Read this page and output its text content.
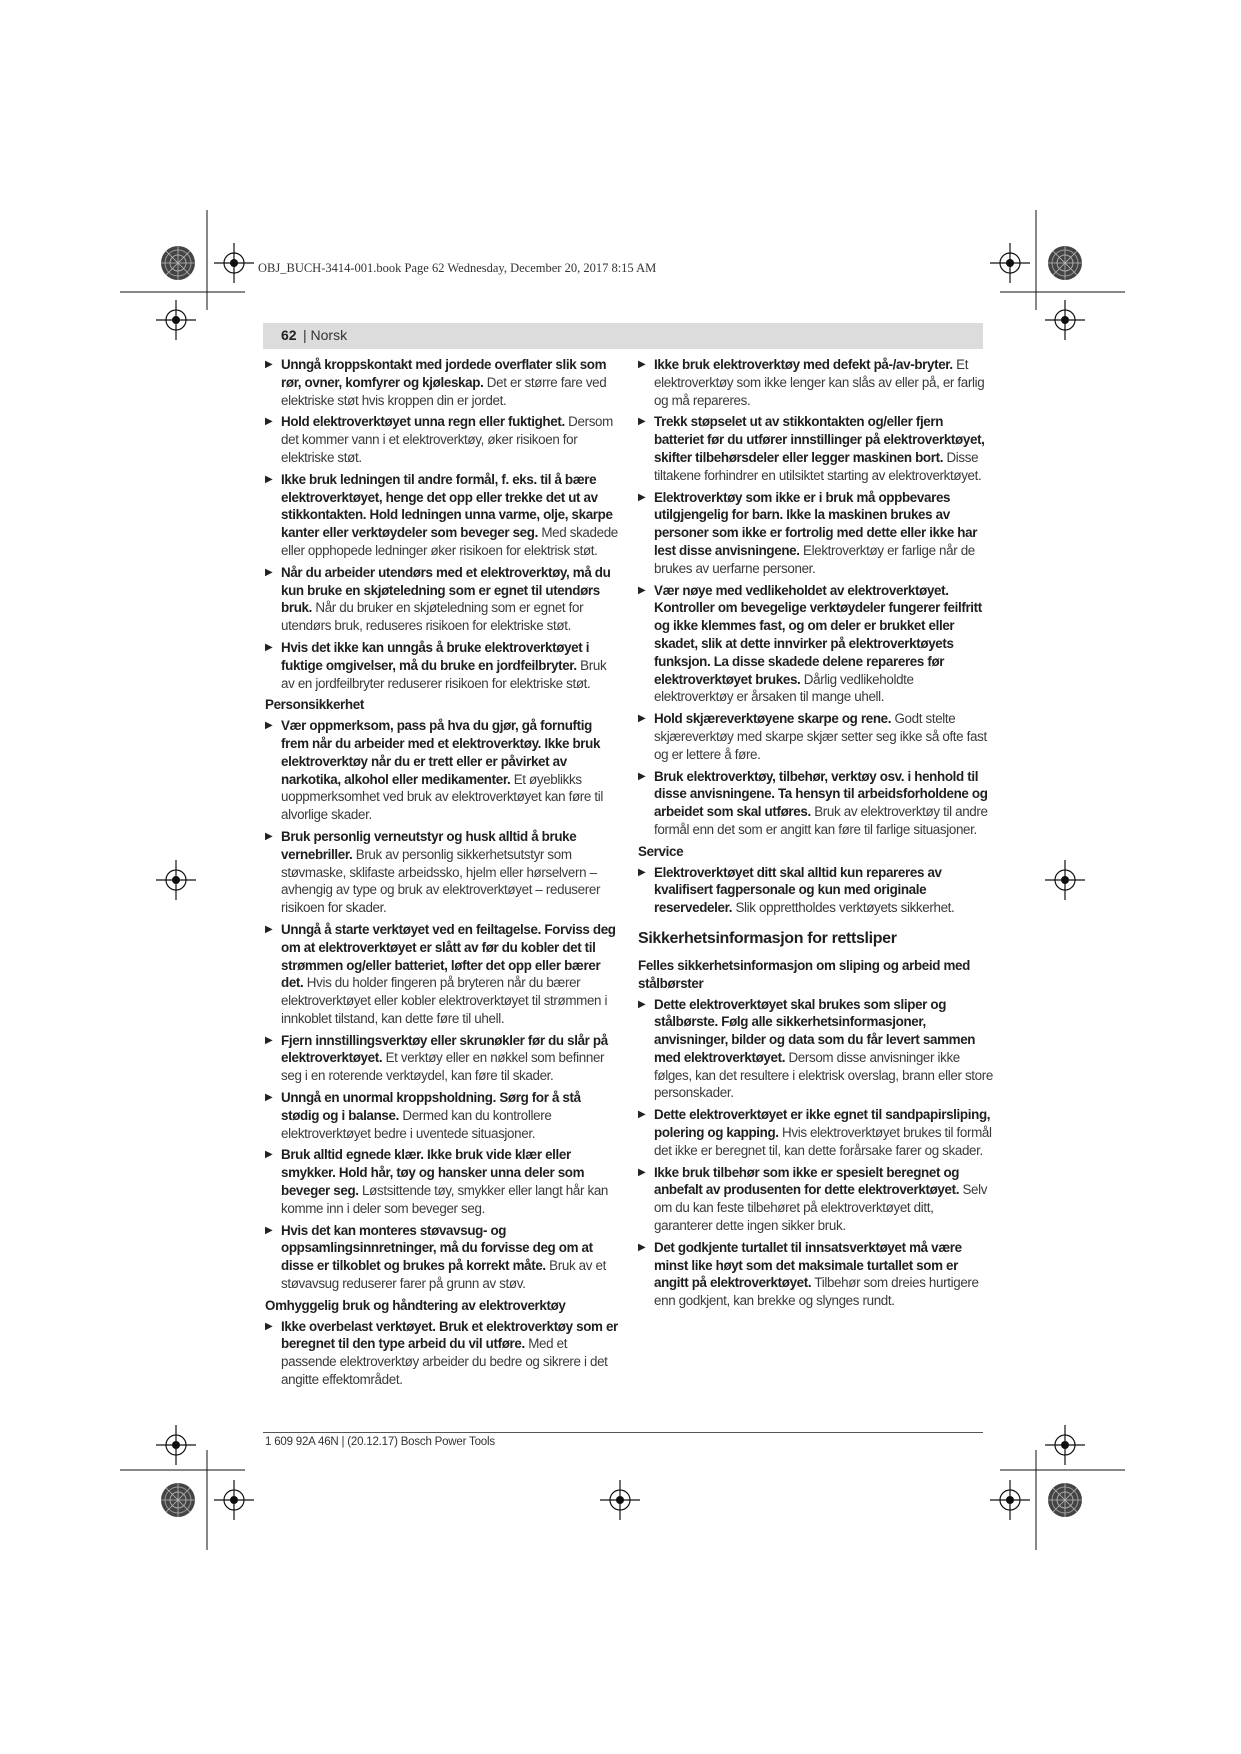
OBJ_BUCH-3414-001.book Page 62 Wednesday, December 20, 2017 8:15 AM
62 | Norsk
▶ Unngå kroppskontakt med jordede overflater slik som rør, ovner, komfyrer og kjøleskap. Det er større fare ved elektriske støt hvis kroppen din er jordet.
▶ Hold elektroverktøyet unna regn eller fuktighet. Dersom det kommer vann i et elektroverktøy, øker risikoen for elektriske støt.
▶ Ikke bruk ledningen til andre formål, f. eks. til å bære elektroverktøyet, henge det opp eller trekke det ut av stikkontakten. Hold ledningen unna varme, olje, skarpe kanter eller verktøydeler som beveger seg. Med skadede eller opphopede ledninger øker risikoen for elektrisk støt.
▶ Når du arbeider utendørs med et elektroverktøy, må du kun bruke en skjøteledning som er egnet til utendørs bruk. Når du bruker en skjøteledning som er egnet for utendørs bruk, reduseres risikoen for elektriske støt.
▶ Hvis det ikke kan unngås å bruke elektroverktøyet i fuktige omgivelser, må du bruke en jordfeilbryter. Bruk av en jordfeilbryter reduserer risikoen for elektriske støt.
Personsikkerhet
▶ Vær oppmerksom, pass på hva du gjør, gå fornuftig frem når du arbeider med et elektroverktøy. Ikke bruk elektroverktøy når du er trett eller er påvirket av narkotika, alkohol eller medikamenter. Et øyeblikks uoppmerksomhet ved bruk av elektroverktøyet kan føre til alvorlige skader.
▶ Bruk personlig verneutstyr og husk alltid å bruke vernebriller. Bruk av personlig sikkerhetsutstyr som støvmaske, sklifaste arbeidssko, hjelm eller hørselvern – avhengig av type og bruk av elektroverktøyet – reduserer risikoen for skader.
▶ Unngå å starte verktøyet ved en feiltagelse. Forviss deg om at elektroverktøyet er slått av før du kobler det til strømmen og/eller batteriet, løfter det opp eller bærer det. Hvis du holder fingeren på bryteren når du bærer elektroverktøyet eller kobler elektroverktøyet til strømmen i innkoblet tilstand, kan dette føre til uhell.
▶ Fjern innstillingsverktøy eller skrunøkler før du slår på elektroverktøyet. Et verktøy eller en nøkkel som befinner seg i en roterende verktøydel, kan føre til skader.
▶ Unngå en unormal kroppsholdning. Sørg for å stå stødig og i balanse. Dermed kan du kontrollere elektroverktøyet bedre i uventede situasjoner.
▶ Bruk alltid egnede klær. Ikke bruk vide klær eller smykker. Hold hår, tøy og hansker unna deler som beveger seg. Løstsittende tøy, smykker eller langt hår kan komme inn i deler som beveger seg.
▶ Hvis det kan monteres støvavsug- og oppsamlingsinnretninger, må du forvisse deg om at disse er tilkoblet og brukes på korrekt måte. Bruk av et støvavsug reduserer farer på grunn av støv.
Omhyggelig bruk og håndtering av elektroverktøy
▶ Ikke overbelast verktøyet. Bruk et elektroverktøy som er beregnet til den type arbeid du vil utføre. Med et passende elektroverktøy arbeider du bedre og sikrere i det angitte effektområdet.
▶ Ikke bruk elektroverktøy med defekt på-/av-bryter. Et elektroverktøy som ikke lenger kan slås av eller på, er farlig og må repareres.
▶ Trekk støpselet ut av stikkontakten og/eller fjern batteriet før du utfører innstillinger på elektroverktøyet, skifter tilbehørsdeler eller legger maskinen bort. Disse tiltakene forhindrer en utilsiktet starting av elektroverktøyet.
▶ Elektroverktøy som ikke er i bruk må oppbevares utilgjengelig for barn. Ikke la maskinen brukes av personer som ikke er fortrolig med dette eller ikke har lest disse anvisningene. Elektroverktøy er farlige når de brukes av uerfarne personer.
▶ Vær nøye med vedlikeholdet av elektroverktøyet. Kontroller om bevegelige verktøydeler fungerer feilfritt og ikke klemmes fast, og om deler er brukket eller skadet, slik at dette innvirker på elektroverktøyets funksjon. La disse skadede delene repareres før elektroverktøyet brukes. Dårlig vedlikeholdte elektroverktøy er årsaken til mange uhell.
▶ Hold skjæreverktøyene skarpe og rene. Godt stelte skjæreverktøy med skarpe skjær setter seg ikke så ofte fast og er lettere å føre.
▶ Bruk elektroverktøy, tilbehør, verktøy osv. i henhold til disse anvisningene. Ta hensyn til arbeidsforholdene og arbeidet som skal utføres. Bruk av elektroverktøy til andre formål enn det som er angitt kan føre til farlige situasjoner.
Service
▶ Elektroverktøyet ditt skal alltid kun repareres av kvalifisert fagpersonale og kun med originale reservedeler. Slik opprettholdes verktøyets sikkerhet.
Sikkerhetsinformasjon for rettsliper
Felles sikkerhetsinformasjon om sliping og arbeid med stålbørster
▶ Dette elektroverktøyet skal brukes som sliper og stålbørste. Følg alle sikkerhetsinformasjoner, anvisninger, bilder og data som du får levert sammen med elektroverktøyet. Dersom disse anvisninger ikke følges, kan det resultere i elektrisk overslag, brann eller store personskader.
▶ Dette elektroverktøyet er ikke egnet til sandpapirsliping, polering og kapping. Hvis elektroverktøyet brukes til formål det ikke er beregnet til, kan dette forårsake farer og skader.
▶ Ikke bruk tilbehør som ikke er spesielt beregnet og anbefalt av produsenten for dette elektroverktøyet. Selv om du kan feste tilbehøret på elektroverktøyet ditt, garanterer dette ingen sikker bruk.
▶ Det godkjente turtallet til innsatsverktøyet må være minst like høyt som det maksimale turtallet som er angitt på elektroverktøyet. Tilbehør som dreies hurtigere enn godkjent, kan brekke og slynges rundt.
1 609 92A 46N | (20.12.17) Bosch Power Tools
